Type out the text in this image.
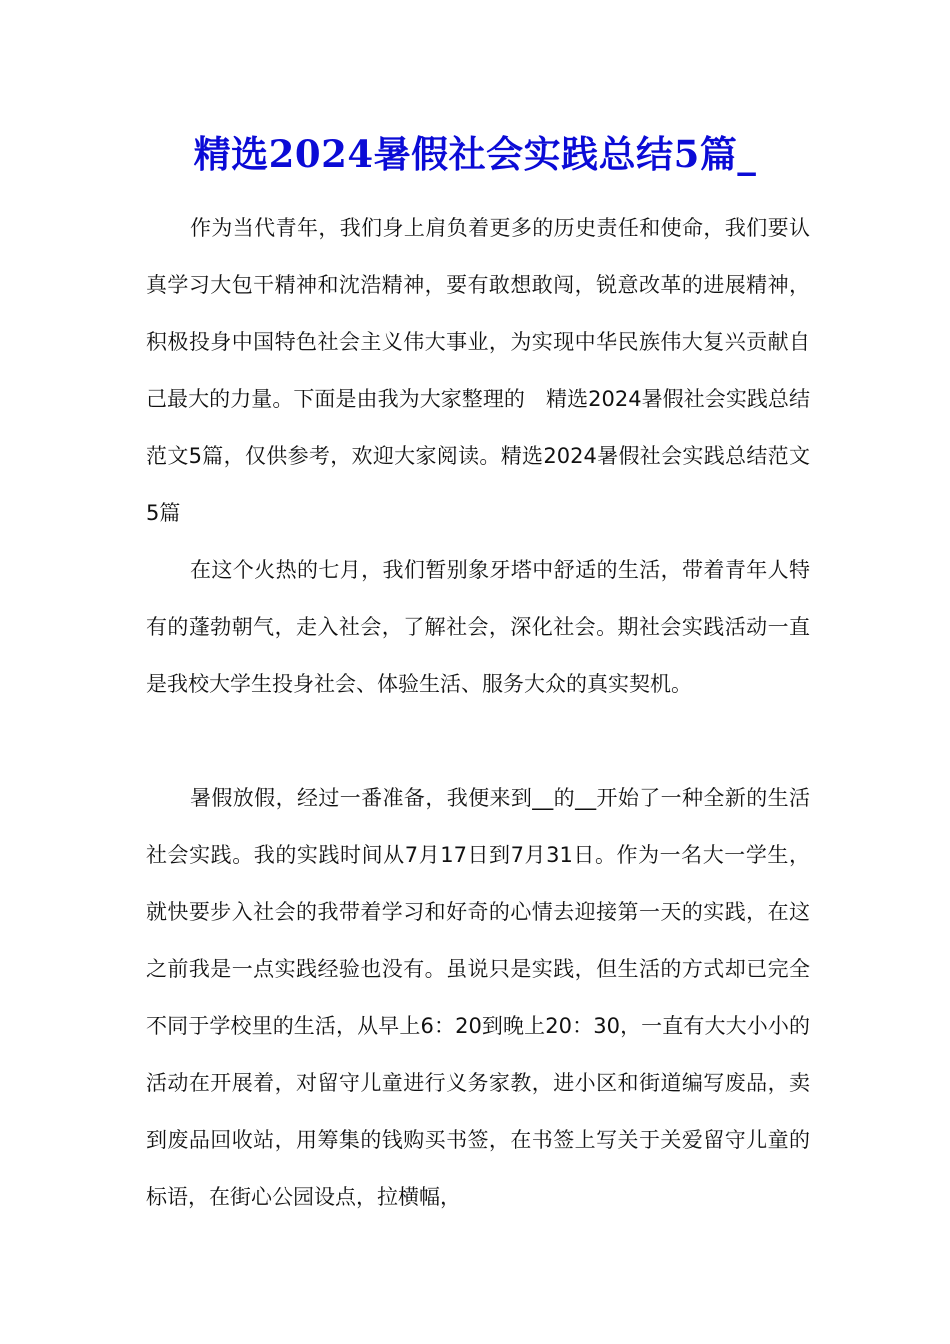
精选2024暑假社会实践总结5篇_

作为当代青年，我们身上肩负着更多的历史责任和使命，我们要认真学习大包干精神和沈浩精神，要有敢想敢闯，锐意改革的进展精神，积极投身中国特色社会主义伟大事业，为实现中华民族伟大复兴贡献自己最大的力量。下面是由我为大家整理的　精选2024暑假社会实践总结范文5篇，仅供参考，欢迎大家阅读。精选2024暑假社会实践总结范文5篇

在这个火热的七月，我们暂别象牙塔中舒适的生活，带着青年人特有的蓬勃朝气，走入社会，了解社会，深化社会。期社会实践活动一直是我校大学生投身社会、体验生活、服务大众的真实契机。

暑假放假，经过一番准备，我便来到__的__开始了一种全新的生活社会实践。我的实践时间从7月17日到7月31日。作为一名大一学生，就快要步入社会的我带着学习和好奇的心情去迎接第一天的实践，在这之前我是一点实践经验也没有。虽说只是实践，但生活的方式却已完全不同于学校里的生活，从早上6：20到晚上20：30，一直有大大小小的活动在开展着，对留守儿童进行义务家教，进小区和街道编写废品，卖到废品回收站，用筹集的钱购买书签，在书签上写关于关爱留守儿童的标语，在街心公园设点，拉横幅，
